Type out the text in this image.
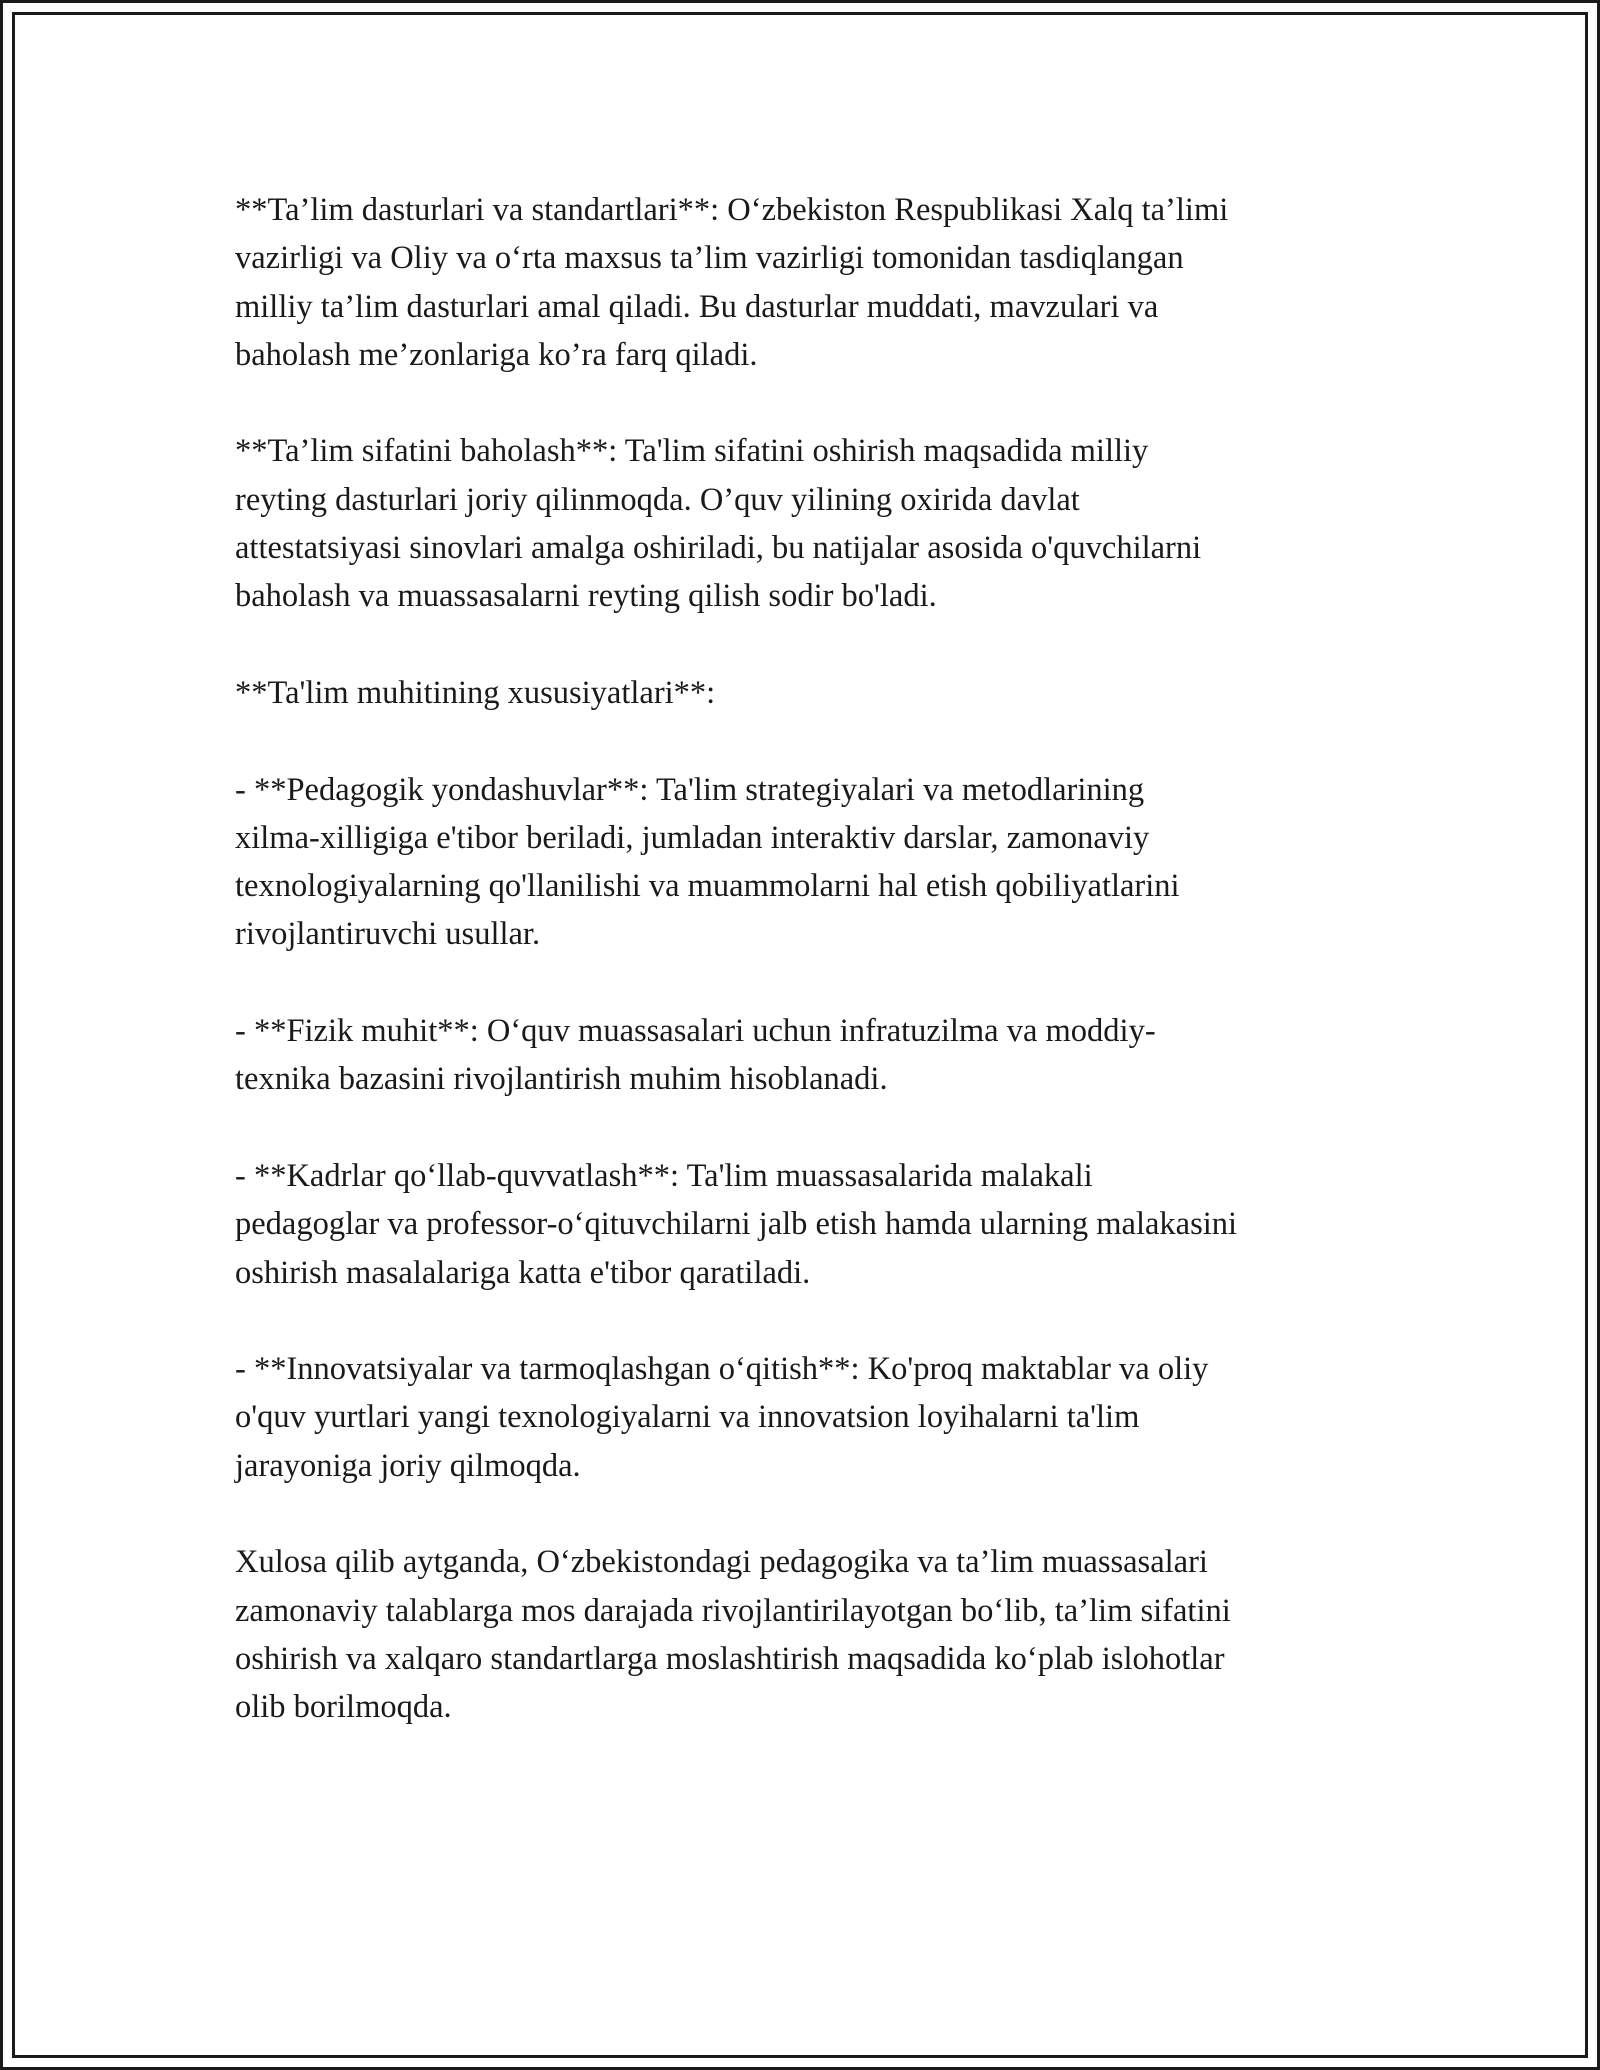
**Ta’lim dasturlari va standartlari**: O‘zbekiston Respublikasi Xalq ta’limi
vazirligi va Oliy va o‘rta maxsus ta’lim vazirligi tomonidan tasdiqlangan
milliy ta’lim dasturlari amal qiladi. Bu dasturlar muddati, mavzulari va
baholash me’zonlariga ko’ra farq qiladi.

**Ta’lim sifatini baholash**: Ta'lim sifatini oshirish maqsadida milliy
reyting dasturlari joriy qilinmoqda. O’quv yilining oxirida davlat
attestatsiyasi sinovlari amalga oshiriladi, bu natijalar asosida o'quvchilarni
baholash va muassasalarni reyting qilish sodir bo'ladi.

**Ta'lim muhitining xususiyatlari**:

- **Pedagogik yondashuvlar**: Ta'lim strategiyalari va metodlarining
xilma-xilligiga e'tibor beriladi, jumladan interaktiv darslar, zamonaviy
texnologiyalarning qo'llanilishi va muammolarni hal etish qobiliyatlarini
rivojlantiruvchi usullar.

- **Fizik muhit**: O‘quv muassasalari uchun infratuzilma va moddiy-
texnika bazasini rivojlantirish muhim hisoblanadi.

- **Kadrlar qo‘llab-quvvatlash**: Ta'lim muassasalarida malakali
pedagoglar va professor-o‘qituvchilarni jalb etish hamda ularning malakasini
oshirish masalalariga katta e'tibor qaratiladi.

- **Innovatsiyalar va tarmoqlashgan o‘qitish**: Ko'proq maktablar va oliy
o'quv yurtlari yangi texnologiyalarni va innovatsion loyihalarni ta'lim
jarayoniga joriy qilmoqda.

Xulosa qilib aytganda, O‘zbekistondagi pedagogika va ta’lim muassasalari
zamonaviy talablarga mos darajada rivojlantirilayotgan bo‘lib, ta’lim sifatini
oshirish va xalqaro standartlarga moslashtirish maqsadida ko‘plab islohotlar
olib borilmoqda.
